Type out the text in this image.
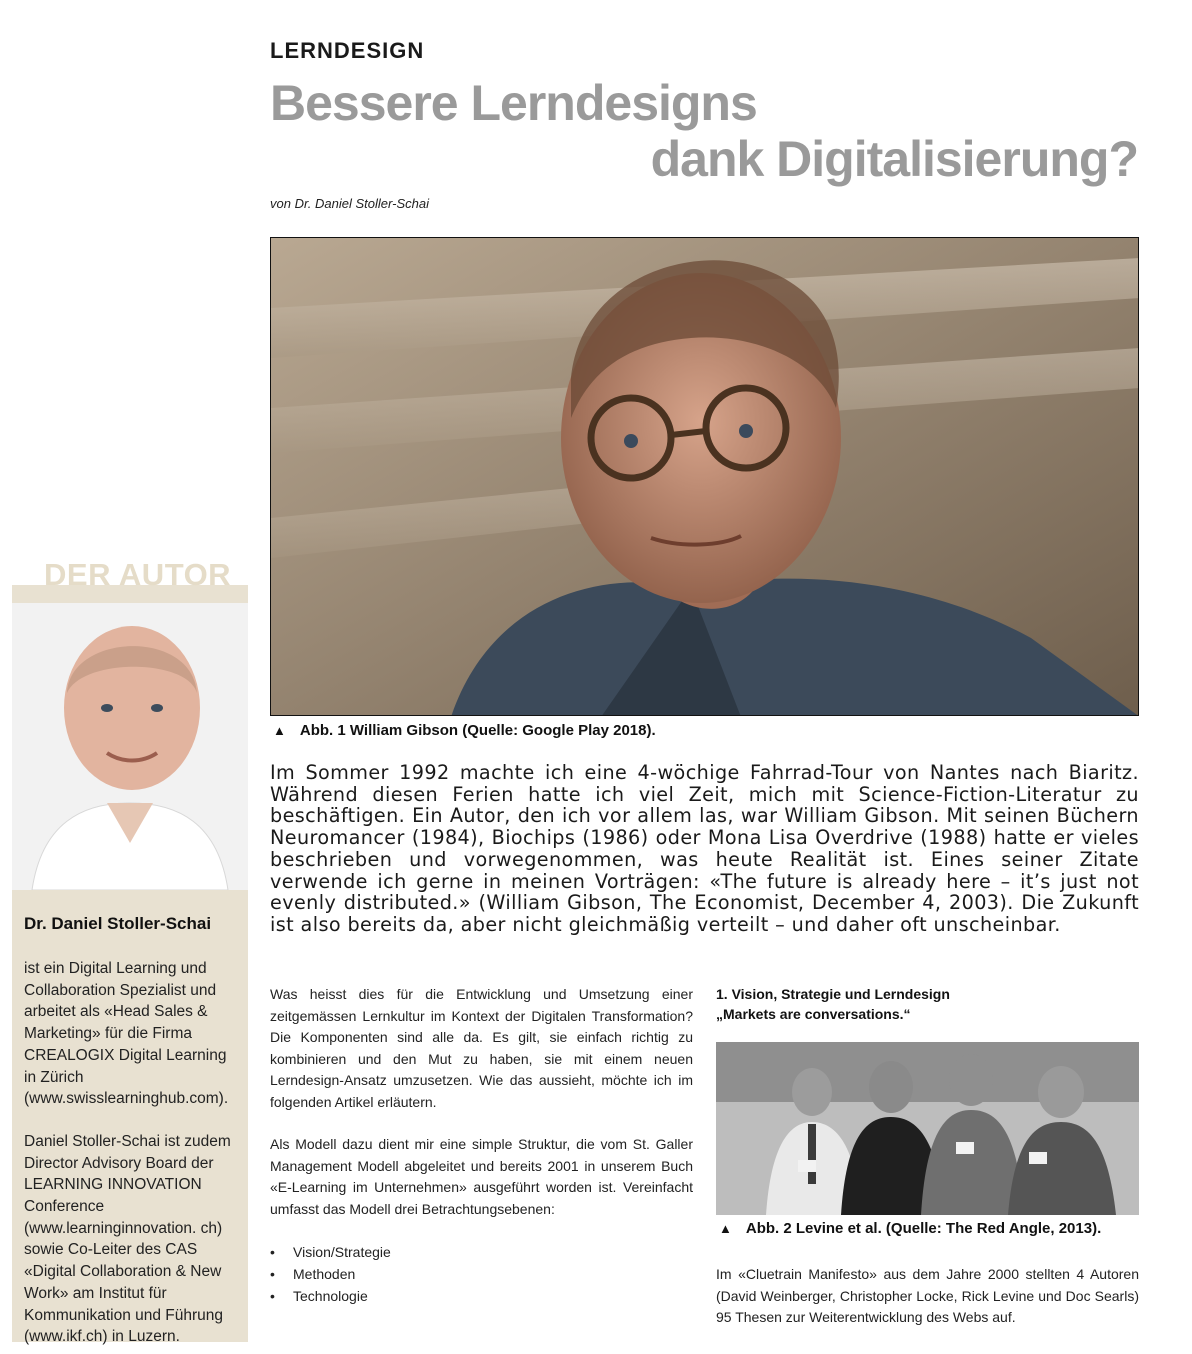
LERNDESIGN
Bessere Lerndesigns
dank Digitalisierung?
von Dr. Daniel Stoller-Schai
▲ Abb. 1 William Gibson (Quelle: Google Play 2018).
Im Sommer 1992 machte ich eine 4-wöchige Fahrrad-Tour von Nantes nach Biaritz. Während diesen Ferien hatte ich viel Zeit, mich mit Science-Fiction-Literatur zu beschäftigen. Ein Autor, den ich vor allem las, war William Gibson. Mit seinen Büchern Neuromancer (1984), Biochips (1986) oder Mona Lisa Overdrive (1988) hatte er vieles beschrieben und vorwegenommen, was heute Realität ist. Eines seiner Zitate verwende ich gerne in meinen Vorträgen: «The future is already here – it’s just not evenly distributed.» (William Gibson, The Economist, December 4, 2003). Die Zukunft ist also bereits da, aber nicht gleichmäßig verteilt – und daher oft unscheinbar.

Was heisst dies für die Entwicklung und Umsetzung einer zeitgemässen Lernkultur im Kontext der Digitalen Transformation? Die Komponenten sind alle da. Es gilt, sie einfach richtig zu kombinieren und den Mut zu haben, sie mit einem neuen Lerndesign-Ansatz umzusetzen. Wie das aussieht, möchte ich im folgenden Artikel erläutern.

Als Modell dazu dient mir eine simple Struktur, die vom St. Galler Management Modell abgeleitet und bereits 2001 in unserem Buch «E-Learning im Unternehmen» ausgeführt worden ist. Vereinfacht umfasst das Modell drei Betrachtungsebenen:

• Vision/Strategie
• Methoden
• Technologie
1. Vision, Strategie und Lerndesign
„Markets are conversations.“
▲ Abb. 2 Levine et al. (Quelle: The Red Angle, 2013).

Im «Cluetrain Manifesto» aus dem Jahre 2000 stellten 4 Autoren (David Weinberger, Christopher Locke, Rick Levine und Doc Searls) 95 Thesen zur Weiterentwicklung des Webs auf.

DER AUTOR
Dr. Daniel Stoller-Schai

ist ein Digital Learning und Collaboration Spezialist und arbeitet als «Head Sales & Marketing» für die Firma CREALOGIX Digital Learning in Zürich (www.swisslearninghub.com).

Daniel Stoller-Schai ist zudem Director Advisory Board der LEARNING INNOVATION Conference (www.learninginnovation. ch) sowie Co-Leiter des CAS «Digital Collaboration & New Work» am Institut für Kommunikation und Führung (www.ikf.ch) in Luzern.
